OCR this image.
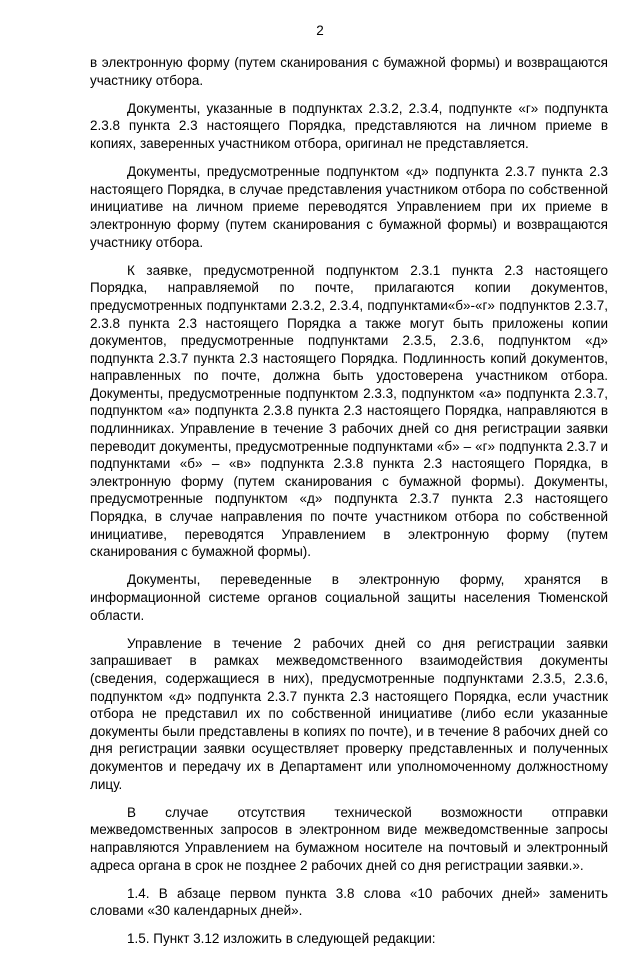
2

в электронную форму (путем сканирования с бумажной формы) и возвращаются участнику отбора.

Документы, указанные в подпунктах 2.3.2, 2.3.4, подпункте «г» подпункта 2.3.8 пункта 2.3 настоящего Порядка, представляются на личном приеме в копиях, заверенных участником отбора, оригинал не представляется.

Документы, предусмотренные подпунктом «д» подпункта 2.3.7 пункта 2.3 настоящего Порядка, в случае представления участником отбора по собственной инициативе на личном приеме переводятся Управлением при их приеме в электронную форму (путем сканирования с бумажной формы) и возвращаются участнику отбора.

К заявке, предусмотренной подпунктом 2.3.1 пункта 2.3 настоящего Порядка, направляемой по почте, прилагаются копии документов, предусмотренных подпунктами 2.3.2, 2.3.4, подпунктами«б»-«г» подпунктов 2.3.7, 2.3.8 пункта 2.3 настоящего Порядка а также могут быть приложены копии документов, предусмотренные подпунктами 2.3.5, 2.3.6, подпунктом «д» подпункта 2.3.7 пункта 2.3 настоящего Порядка. Подлинность копий документов, направленных по почте, должна быть удостоверена участником отбора. Документы, предусмотренные подпунктом 2.3.3, подпунктом «а» подпункта 2.3.7, подпунктом «а» подпункта 2.3.8 пункта 2.3 настоящего Порядка, направляются в подлинниках. Управление в течение 3 рабочих дней со дня регистрации заявки переводит документы, предусмотренные подпунктами «б» – «г» подпункта 2.3.7 и подпунктами «б» – «в» подпункта 2.3.8 пункта 2.3 настоящего Порядка, в электронную форму (путем сканирования с бумажной формы). Документы, предусмотренные подпунктом «д» подпункта 2.3.7 пункта 2.3 настоящего Порядка, в случае направления по почте участником отбора по собственной инициативе, переводятся Управлением в электронную форму (путем сканирования с бумажной формы).

Документы, переведенные в электронную форму, хранятся в информационной системе органов социальной защиты населения Тюменской области.

Управление в течение 2 рабочих дней со дня регистрации заявки запрашивает в рамках межведомственного взаимодействия документы (сведения, содержащиеся в них), предусмотренные подпунктами 2.3.5, 2.3.6, подпунктом «д» подпункта 2.3.7 пункта 2.3 настоящего Порядка, если участник отбора не представил их по собственной инициативе (либо если указанные документы были представлены в копиях по почте), и в течение 8 рабочих дней со дня регистрации заявки осуществляет проверку представленных и полученных документов и передачу их в Департамент или уполномоченному должностному лицу.

В случае отсутствия технической возможности отправки межведомственных запросов в электронном виде межведомственные запросы направляются Управлением на бумажном носителе на почтовый и электронный адреса органа в срок не позднее 2 рабочих дней со дня регистрации заявки.».

1.4. В абзаце первом пункта 3.8 слова «10 рабочих дней» заменить словами «30 календарных дней».

1.5. Пункт 3.12 изложить в следующей редакции:
